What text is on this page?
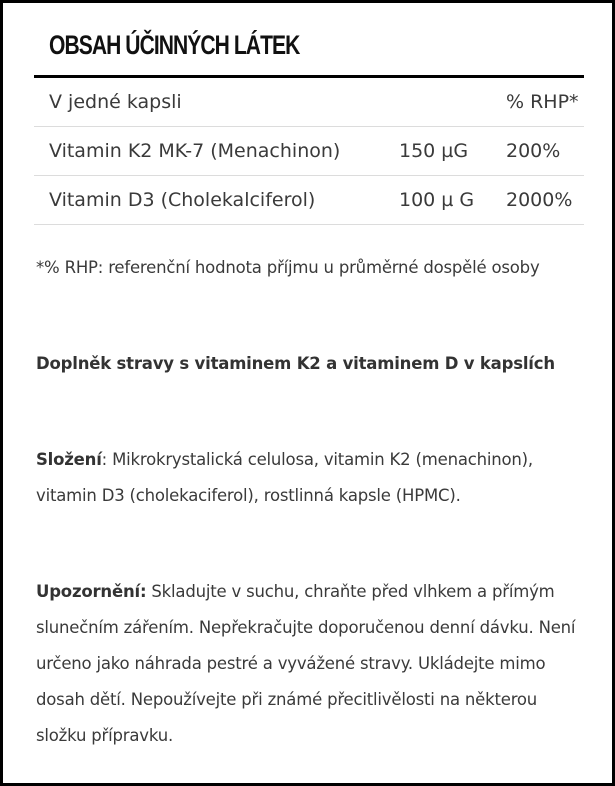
OBSAH ÚČINNÝCH LÁTEK
V jedné kapsli		% RHP*
Vitamin K2 MK-7 (Menachinon)	150 µG	200%
Vitamin D3 (Cholekalciferol)	100 µ G	2000%
*% RHP: referenční hodnota příjmu u průměrné dospělé osoby
Doplněk stravy s vitaminem K2 a vitaminem D v kapslích
Složení: Mikrokrystalická celulosa, vitamin K2 (menachinon), vitamin D3 (cholekaciferol), rostlinná kapsle (HPMC).
Upozornění: Skladujte v suchu, chraňte před vlhkem a přímým slunečním zářením. Nepřekračujte doporučenou denní dávku. Není určeno jako náhrada pestré a vyvážené stravy. Ukládejte mimo dosah dětí. Nepoužívejte při známé přecitlivělosti na některou složku přípravku.
